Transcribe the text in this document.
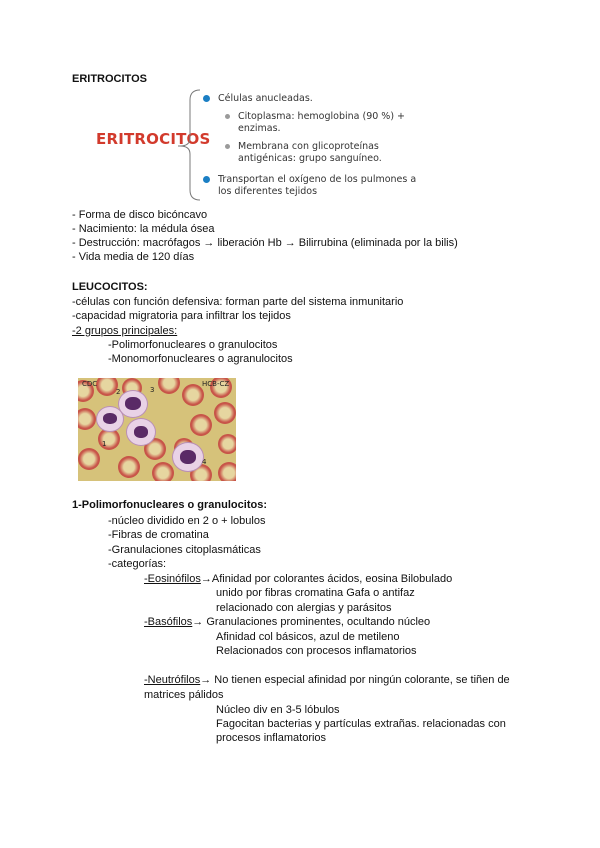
ERITROCITOS
ERITROCITOS
Células anucleadas.
Citoplasma: hemoglobina (90 %) +
enzimas.
Membrana con glicoproteínas
antigénicas: grupo sanguíneo.
Transportan el oxígeno de los pulmones a
los diferentes tejidos
- Forma de disco bicóncavo
- Nacimiento: la médula ósea
- Destrucción: macrófagos → liberación Hb → Bilirrubina (eliminada por la bilis)
- Vida media de 120 días
LEUCOCITOS:
-células con función defensiva: forman parte del sistema inmunitario
-capacidad migratoria para infiltrar los tejidos
-2 grupos principales:
-Polimorfonucleares o granulocitos
-Monomorfonucleares o agranulocitos
CDC	HCB-CZ
1
2	3
4
1-Polimorfonucleares o granulocitos:
-núcleo dividido en 2 o + lobulos
-Fibras de cromatina
-Granulaciones citoplasmáticas
-categorías:
-Eosinófilos→Afinidad por colorantes ácidos, eosina Bilobulado
unido por fibras cromatina Gafa o antifaz
relacionado con alergias y parásitos
-Basófilos→ Granulaciones prominentes, ocultando núcleo
Afinidad col básicos, azul de metileno
Relacionados con procesos inflamatorios
-Neutrófilos→ No tienen especial afinidad por ningún colorante, se tiñen de
matrices pálidos
Núcleo div en 3-5 lóbulos
Fagocitan bacterias y partículas extrañas. relacionadas con
procesos inflamatorios
